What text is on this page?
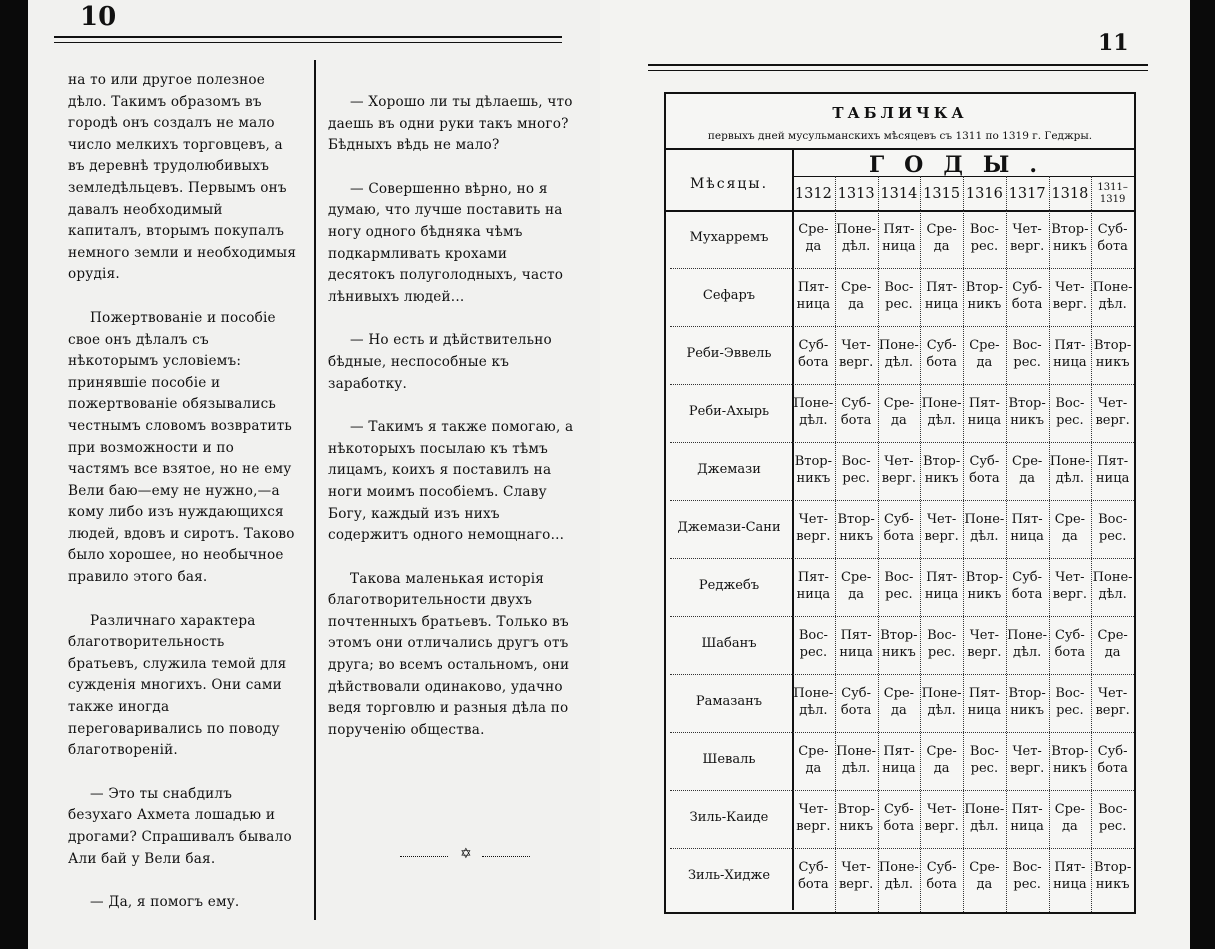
10

на то или другое полезное дѣло. Такимъ образомъ въ городѣ онъ создалъ не мало число мелкихъ торговцевъ, а въ деревнѣ трудолюбивыхъ земледѣльцевъ. Первымъ онъ давалъ необходимый капиталъ, вторымъ покупалъ немного земли и необходимыя орудія.

Пожертвованіе и пособіе свое онъ дѣлалъ съ нѣкоторымъ условіемъ: принявшіе пособіе и пожертвованіе обязывались честнымъ словомъ возвратить при возможности и по частямъ все взятое, но не ему Вели баю—ему не нужно,—а кому либо изъ нуждающихся людей, вдовъ и сиротъ. Таково было хорошее, но необычное правило этого бая.

Различнаго характера благотворительность братьевъ, служила темой для сужденія многихъ. Они сами также иногда переговаривались по поводу благотвореній.

— Это ты снабдилъ безухаго Ахмета лошадью и дрогами? Спрашивалъ бывало Али бай у Вели бая.

— Да, я помогъ ему.

— Хорошо ли ты дѣлаешь, что даешь въ одни руки такъ много? Бѣдныхъ вѣдь не мало?

— Совершенно вѣрно, но я думаю, что лучше поставить на ногу одного бѣдняка чѣмъ подкармливать крохами десятокъ полуголодныхъ, часто лѣнивыхъ людей...

— Но есть и дѣйствительно бѣдные, неспособные къ заработку.

— Такимъ я также помогаю, а нѣкоторыхъ посылаю къ тѣмъ лицамъ, коихъ я поставилъ на ноги моимъ пособіемъ. Славу Богу, каждый изъ нихъ содержитъ одного немощнаго...

Такова маленькая исторія благотворительности двухъ почтенныхъ братьевъ. Только въ этомъ они отличались другъ отъ друга; во всемъ остальномъ, они дѣйствовали одинаково, удачно ведя торговлю и разныя дѣла по порученію общества.

✡
11
ТАБЛИЧКА
первыхъ дней мусульманскихъ мѣсяцевъ съ 1311 по 1319 г. Геджры.
ГОДЫ.
Мѣсяцы.
1312 1313 1314 1315 1316 1317 1318 1311–1319
Мухарремъ
Сре-
да
Поне-
дѣл.
Пят-
ница
Сре-
да
Вос-
рес.
Чет-
верг.
Втор-
никъ
Суб-
бота
Сефаръ
Пят-
ница
Сре-
да
Вос-
рес.
Пят-
ница
Втор-
никъ
Суб-
бота
Чет-
верг.
Поне-
дѣл.
Реби-Эввель
Суб-
бота
Чет-
верг.
Поне-
дѣл.
Суб-
бота
Сре-
да
Вос-
рес.
Пят-
ница
Втор-
никъ
Реби-Ахырь
Поне-
дѣл.
Суб-
бота
Сре-
да
Поне-
дѣл.
Пят-
ница
Втор-
никъ
Вос-
рес.
Чет-
верг.
Джемази
Втор-
никъ
Вос-
рес.
Чет-
верг.
Втор-
никъ
Суб-
бота
Сре-
да
Поне-
дѣл.
Пят-
ница
Джемази-Сани
Чет-
верг.
Втор-
никъ
Суб-
бота
Чет-
верг.
Поне-
дѣл.
Пят-
ница
Сре-
да
Вос-
рес.
Реджебъ
Пят-
ница
Сре-
да
Вос-
рес.
Пят-
ница
Втор-
никъ
Суб-
бота
Чет-
верг.
Поне-
дѣл.
Шабанъ
Вос-
рес.
Пят-
ница
Втор-
никъ
Вос-
рес.
Чет-
верг.
Поне-
дѣл.
Суб-
бота
Сре-
да
Рамазанъ
Поне-
дѣл.
Суб-
бота
Сре-
да
Поне-
дѣл.
Пят-
ница
Втор-
никъ
Вос-
рес.
Чет-
верг.
Шеваль
Сре-
да
Поне-
дѣл.
Пят-
ница
Сре-
да
Вос-
рес.
Чет-
верг.
Втор-
никъ
Суб-
бота
Зиль-Каиде
Чет-
верг.
Втор-
никъ
Суб-
бота
Чет-
верг.
Поне-
дѣл.
Пят-
ница
Сре-
да
Вос-
рес.
Зиль-Хидже
Суб-
бота
Чет-
верг.
Поне-
дѣл.
Суб-
бота
Сре-
да
Вос-
рес.
Пят-
ница
Втор-
никъ
